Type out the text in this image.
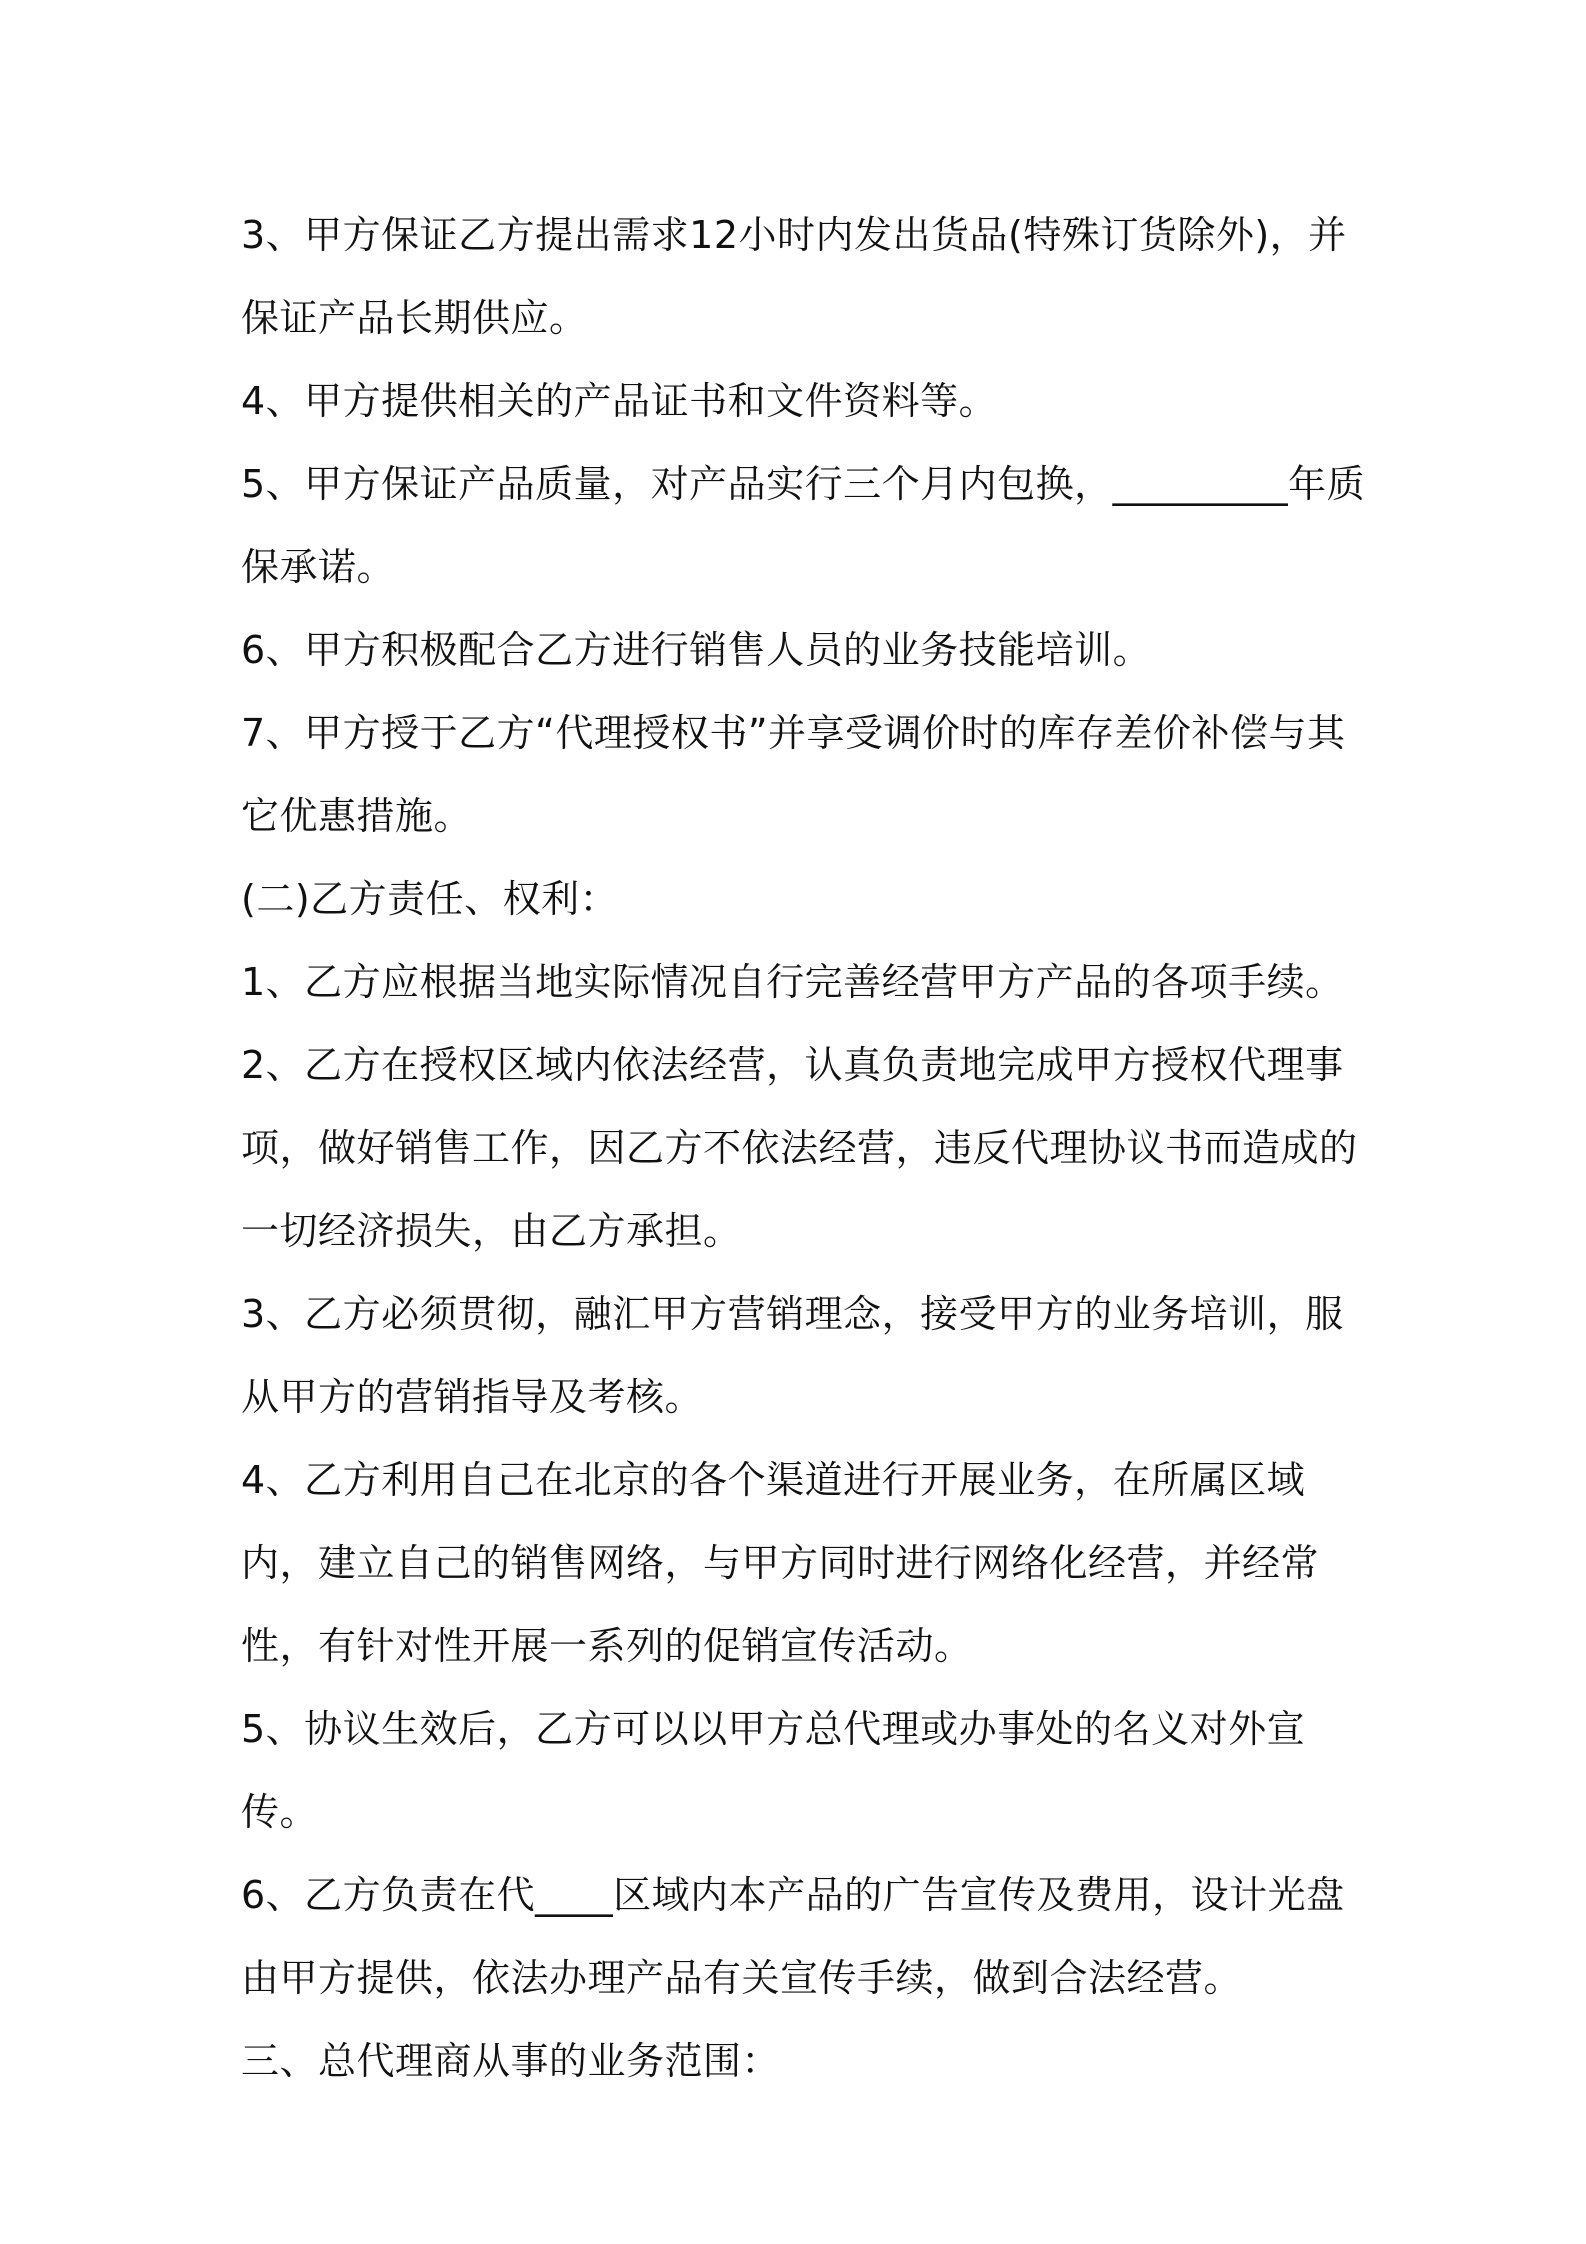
3、甲方保证乙方提出需求12小时内发出货品(特殊订货除外)，并保证产品长期供应。

4、甲方提供相关的产品证书和文件资料等。

5、甲方保证产品质量，对产品实行三个月内包换，_________年质保承诺。

6、甲方积极配合乙方进行销售人员的业务技能培训。

7、甲方授于乙方“代理授权书”并享受调价时的库存差价补偿与其它优惠措施。

(二)乙方责任、权利：

1、乙方应根据当地实际情况自行完善经营甲方产品的各项手续。

2、乙方在授权区域内依法经营，认真负责地完成甲方授权代理事项，做好销售工作，因乙方不依法经营，违反代理协议书而造成的一切经济损失，由乙方承担。

3、乙方必须贯彻，融汇甲方营销理念，接受甲方的业务培训，服从甲方的营销指导及考核。

4、乙方利用自己在北京的各个渠道进行开展业务，在所属区域内，建立自己的销售网络，与甲方同时进行网络化经营，并经常性，有针对性开展一系列的促销宣传活动。

5、协议生效后，乙方可以以甲方总代理或办事处的名义对外宣传。

6、乙方负责在代____区域内本产品的广告宣传及费用，设计光盘由甲方提供，依法办理产品有关宣传手续，做到合法经营。

三、总代理商从事的业务范围：
